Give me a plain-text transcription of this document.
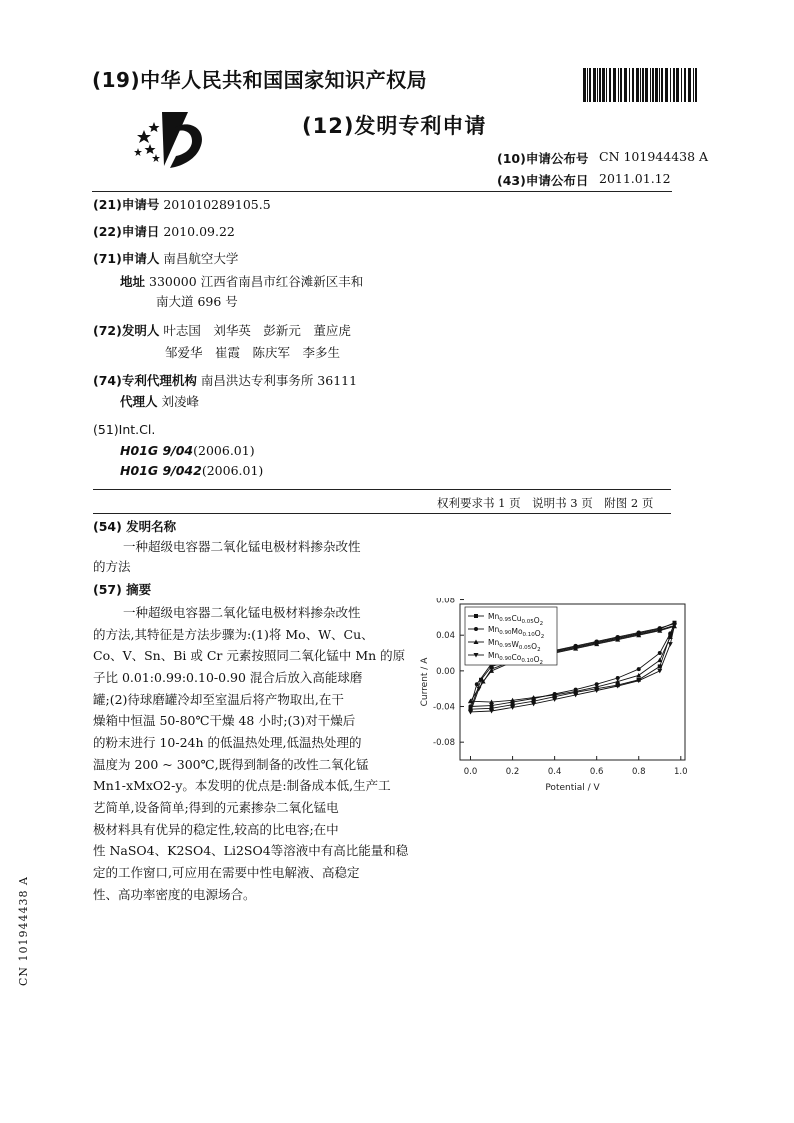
(19)中华人民共和国国家知识产权局
(12)发明专利申请
(10)申请公布号 CN 101944438 A
(43)申请公布日 2011.01.12
(21)申请号 201010289105.5
(22)申请日 2010.09.22
(71)申请人 南昌航空大学
地址 330000 江西省南昌市红谷滩新区丰和
南大道 696 号
(72)发明人 叶志国　刘华英　彭新元　董应虎
邹爱华　崔霞　陈庆军　李多生
(74)专利代理机构 南昌洪达专利事务所 36111
代理人 刘凌峰
(51)Int.Cl.
H01G 9/04(2006.01)
H01G 9/042(2006.01)
权利要求书 1 页　说明书 3 页　附图 2 页
(54) 发明名称
一种超级电容器二氧化锰电极材料掺杂改性
的方法
(57) 摘要
一种超级电容器二氧化锰电极材料掺杂改性
的方法,其特征是方法步骤为:(1)将 Mo、W、Cu、
Co、V、Sn、Bi 或 Cr 元素按照同二氧化锰中 Mn 的原
子比 0.01:0.99:0.10-0.90 混合后放入高能球磨
罐;(2)待球磨罐冷却至室温后将产物取出,在干
燥箱中恒温 50-80℃干燥 48 小时;(3)对干燥后
的粉末进行 10-24h 的低温热处理,低温热处理的
温度为 200 ~ 300℃,既得到制备的改性二氧化锰
Mn1-xMxO2-y。本发明的优点是:制备成本低,生产工
艺简单,设备简单;得到的元素掺杂二氧化锰电
极材料具有优异的稳定性,较高的比电容;在中
性 NaSO4、K2SO4、Li2SO4等溶液中有高比能量和稳
定的工作窗口,可应用在需要中性电解液、高稳定
性、高功率密度的电源场合。
0.0	0.2	0.4	0.6	0.8	1.0
0.08
0.04
0.00
-0.04
-0.08
Potential / V
Current / A
$Mn_{0.95}Cu_{0.05}O_2$
$Mn_{0.90}Mo_{0.10}O_2$
$Mn_{0.95}W_{0.05}O_2$
$Mn_{0.90}Co_{0.10}O_2$
CN 101944438 A
